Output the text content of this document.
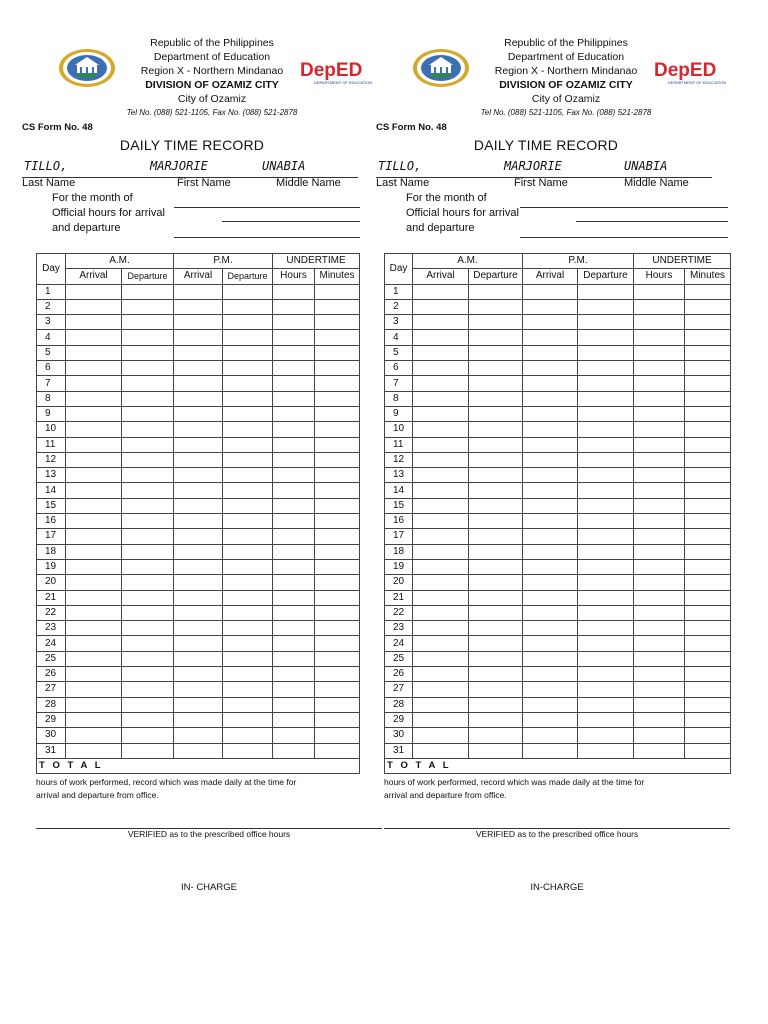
Republic of the Philippines
Department of Education
Region X - Northern Mindanao
DIVISION OF OZAMIZ CITY
City of Ozamiz
Tel No. (088) 521-1105, Fax No. (088) 521-2878
DepED
DEPARTMENT OF EDUCATION
CS Form No. 48
DAILY TIME RECORD
TILLO,	MARJORIE	UNABIA
Last Name	First Name	Middle Name
For the month of
Official hours for arrival
and departure
Day	A.M.		P.M.		UNDERTIME	
	Arrival	Departure	Arrival	Departure	Hours	Minutes
1						
2						
3						
4						
5						
6						
7						
8						
9						
10						
11						
12						
13						
14						
15						
16						
17						
18						
19						
20						
21						
22						
23						
24						
25						
26						
27						
28						
29						
30						
31						
T O T A L						
hours of work performed, record which was made daily at the time for
arrival and departure from office.
VERIFIED as to the prescribed office hours
IN- CHARGE
Republic of the Philippines
Department of Education
Region X - Northern Mindanao
DIVISION OF OZAMIZ CITY
City of Ozamiz
Tel No. (088) 521-1105, Fax No. (088) 521-2878
DepED
DEPARTMENT OF EDUCATION
CS Form No. 48
DAILY TIME RECORD
TILLO,	MARJORIE	UNABIA
Last Name	First Name	Middle Name
For the month of
Official hours for arrival
and departure
Day	A.M.		P.M.		UNDERTIME	
	Arrival	Departure	Arrival	Departure	Hours	Minutes
1						
2						
3						
4						
5						
6						
7						
8						
9						
10						
11						
12						
13						
14						
15						
16						
17						
18						
19						
20						
21						
22						
23						
24						
25						
26						
27						
28						
29						
30						
31						
T O T A L						
hours of work performed, record which was made daily at the time for
arrival and departure from office.
VERIFIED as to the prescribed office hours
IN-CHARGE
